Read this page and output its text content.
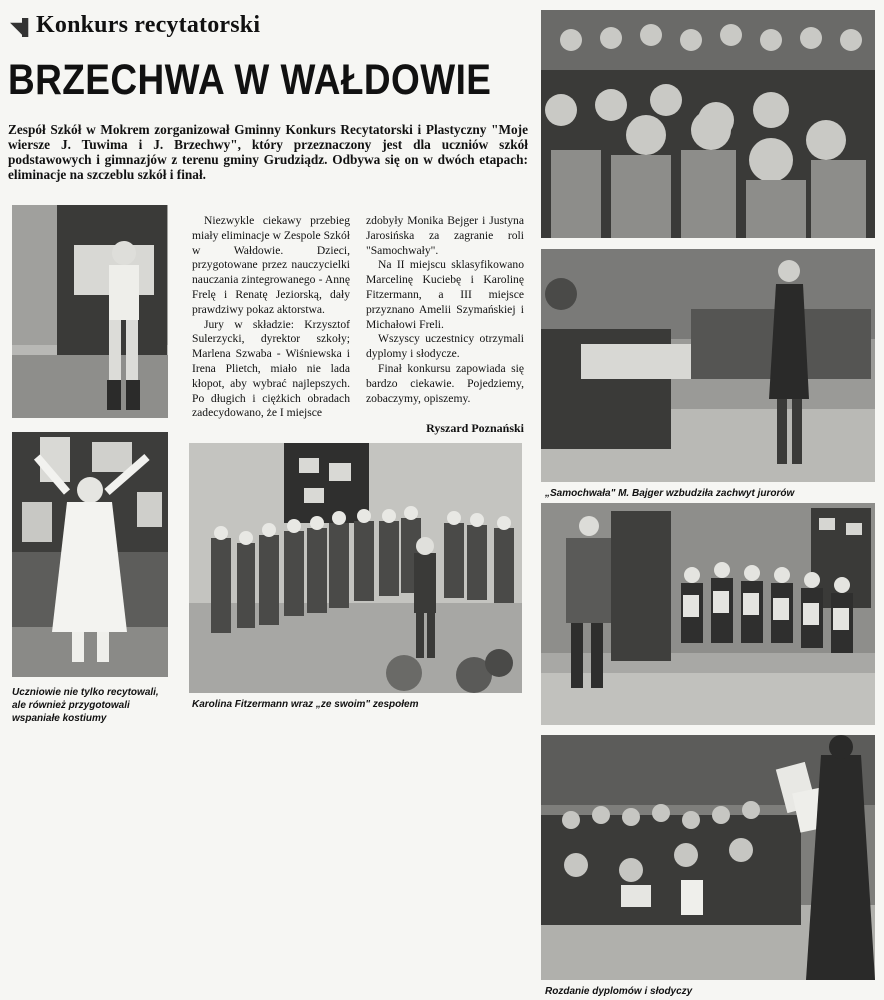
◥▌ Konkurs recytatorski
BRZECHWA W WAŁDOWIE
Zespół Szkół w Mokrem zorganizował Gminny Konkurs Recytatorski i Plastyczny "Moje wiersze J. Tuwima i J. Brzechwy", który przeznaczony jest dla uczniów szkół podstawowych i gimnazjów z terenu gminy Grudziądz. Odbywa się on w dwóch etapach: eliminacje na szczeblu szkół i finał.

Niezwykle ciekawy przebieg miały eliminacje w Zespole Szkół w Wałdowie. Dzieci, przygotowane przez nauczycielki nauczania zintegrowanego - Annę Frelę i Renatę Jeziorską, dały prawdziwy pokaz aktorstwa.

Jury w składzie: Krzysztof Sulerzycki, dyrektor szkoły; Marlena Szwaba - Wiśniewska i Irena Plietch, miało nie lada kłopot, aby wybrać najlepszych. Po długich i ciężkich obradach zadecydowano, że I miejsce

zdobyły Monika Bejger i Justyna Jarosińska za zagranie roli "Samochwały".

Na II miejscu sklasyfikowano Marcelinę Kuciebę i Karolinę Fitzermann, a III miejsce przyznano Amelii Szymańskiej i Michałowi Freli.

Wszyscy uczestnicy otrzymali dyplomy i słodycze.

Finał konkursu zapowiada się bardzo ciekawie. Pojedziemy, zobaczymy, opiszemy.

Ryszard Poznański
Uczniowie nie tylko recytowali, ale również przygotowali wspaniałe kostiumy
Karolina Fitzermann wraz „ze swoim" zespołem
„Samochwała" M. Bajger wzbudziła zachwyt jurorów
Rozdanie dyplomów i słodyczy
